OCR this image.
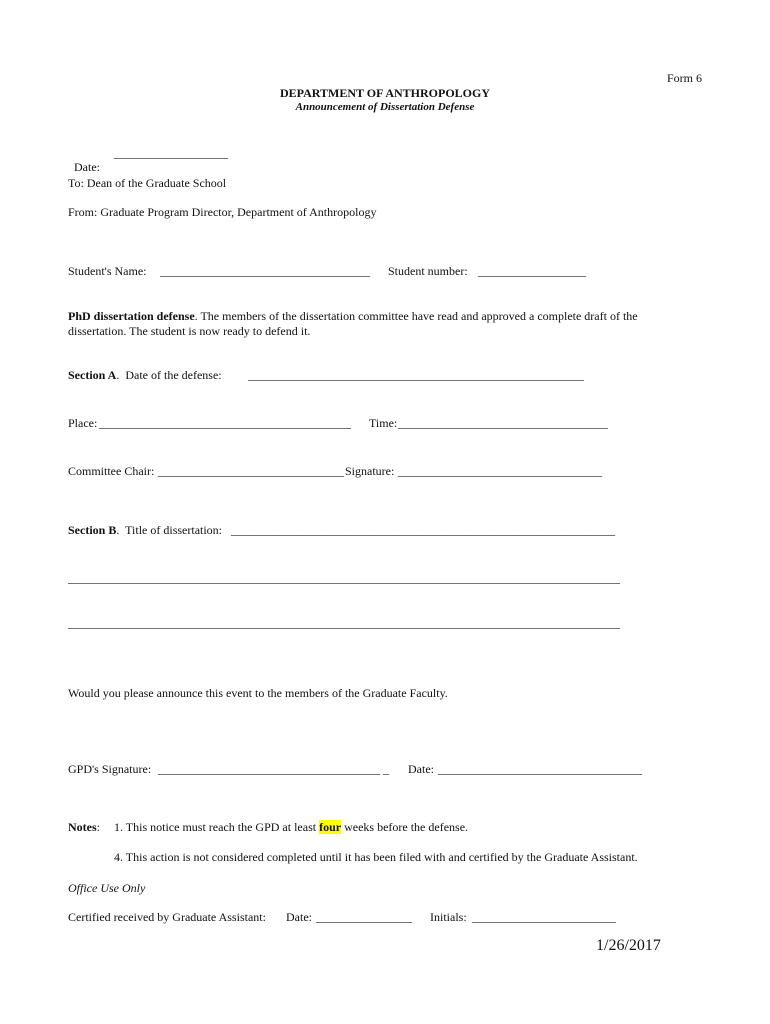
Form 6
DEPARTMENT OF ANTHROPOLOGY
Announcement of Dissertation Defense

Date:

___________________
To: Dean of the Graduate School
From: Graduate Program Director, Department of Anthropology
Student's Name: ___________________________________ Student number: __________________
PhD dissertation defense. The members of the dissertation committee have read and approved a complete draft of the dissertation. The student is now ready to defend it.
Section A.  Date of the defense: ________________________________________________________
Place: __________________________________________ Time: ___________________________________
Committee Chair: _______________________________ Signature: __________________________________
Section B.  Title of dissertation: ________________________________________________________________
____________________________________________________________________________________________
____________________________________________________________________________________________
Would you please announce this event to the members of the Graduate Faculty.
GPD's Signature: _____________________________________ _ Date: __________________________________
Notes: 1. This notice must reach the GPD at least four weeks before the defense.
4. This action is not considered completed until it has been filed with and certified by the Graduate Assistant.
Office Use Only
Certified received by Graduate Assistant: Date: ________________ Initials: ________________________
1/26/2017
